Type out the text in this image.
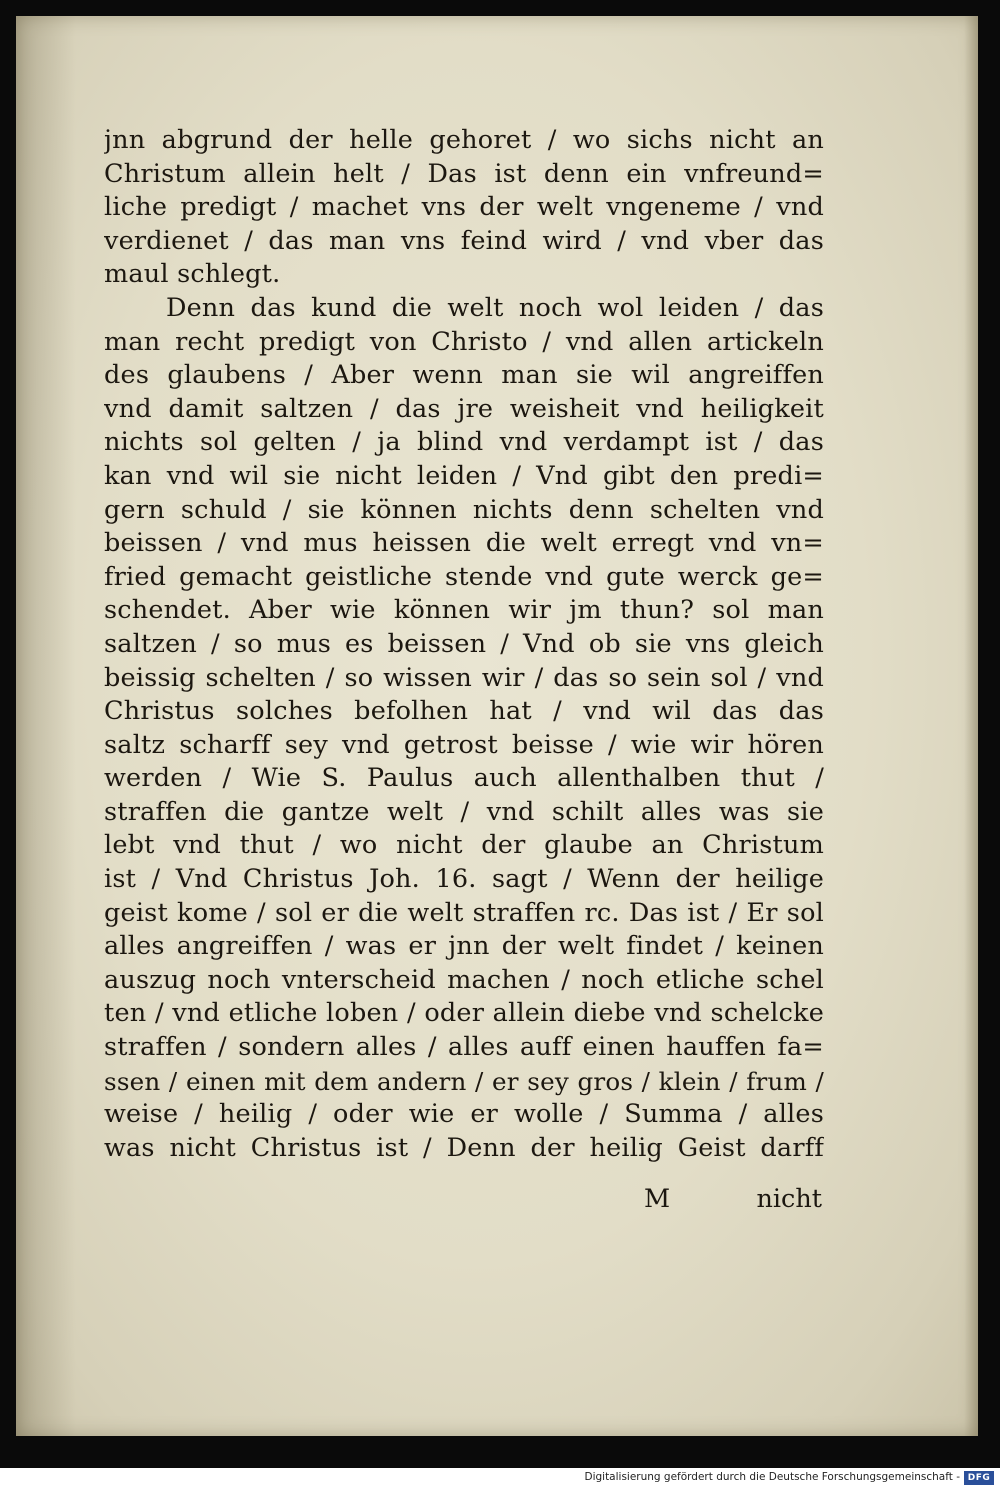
jnn abgrund der helle gehoret / wo sichs nicht an
Christum allein helt / Das ist denn ein vnfreund=
liche predigt / machet vns der welt vngeneme / vnd
verdienet / das man vns feind wird / vnd vber das
maul schlegt.
Denn das kund die welt noch wol leiden / das
man recht predigt von Christo / vnd allen artickeln
des glaubens / Aber wenn man sie wil angreiffen
vnd damit saltzen / das jre weisheit vnd heiligkeit
nichts sol gelten / ja blind vnd verdampt ist / das
kan vnd wil sie nicht leiden / Vnd gibt den predi=
gern schuld / sie können nichts denn schelten vnd
beissen / vnd mus heissen die welt erregt vnd vn=
fried gemacht geistliche stende vnd gute werck ge=
schendet. Aber wie können wir jm thun? sol man
saltzen / so mus es beissen / Vnd ob sie vns gleich
beissig schelten / so wissen wir / das so sein sol / vnd
Christus solches befolhen hat / vnd wil das das
saltz scharff sey vnd getrost beisse / wie wir hören
werden / Wie S. Paulus auch allenthalben thut /
straffen die gantze welt / vnd schilt alles was sie
lebt vnd thut / wo nicht der glaube an Christum
ist / Vnd Christus Joh. 16. sagt / Wenn der heilige
geist kome / sol er die welt straffen rc. Das ist / Er sol
alles angreiffen / was er jnn der welt findet / keinen
auszug noch vnterscheid machen / noch etliche schel
ten / vnd etliche loben / oder allein diebe vnd schelcke
straffen / sondern alles / alles auff einen hauffen fa=
ssen / einen mit dem andern / er sey gros / klein / frum /
weise / heilig / oder wie er wolle / Summa / alles
was nicht Christus ist / Denn der heilig Geist darff
M	nicht
Digitalisierung gefördert durch die Deutsche Forschungsgemeinschaft - DFG
